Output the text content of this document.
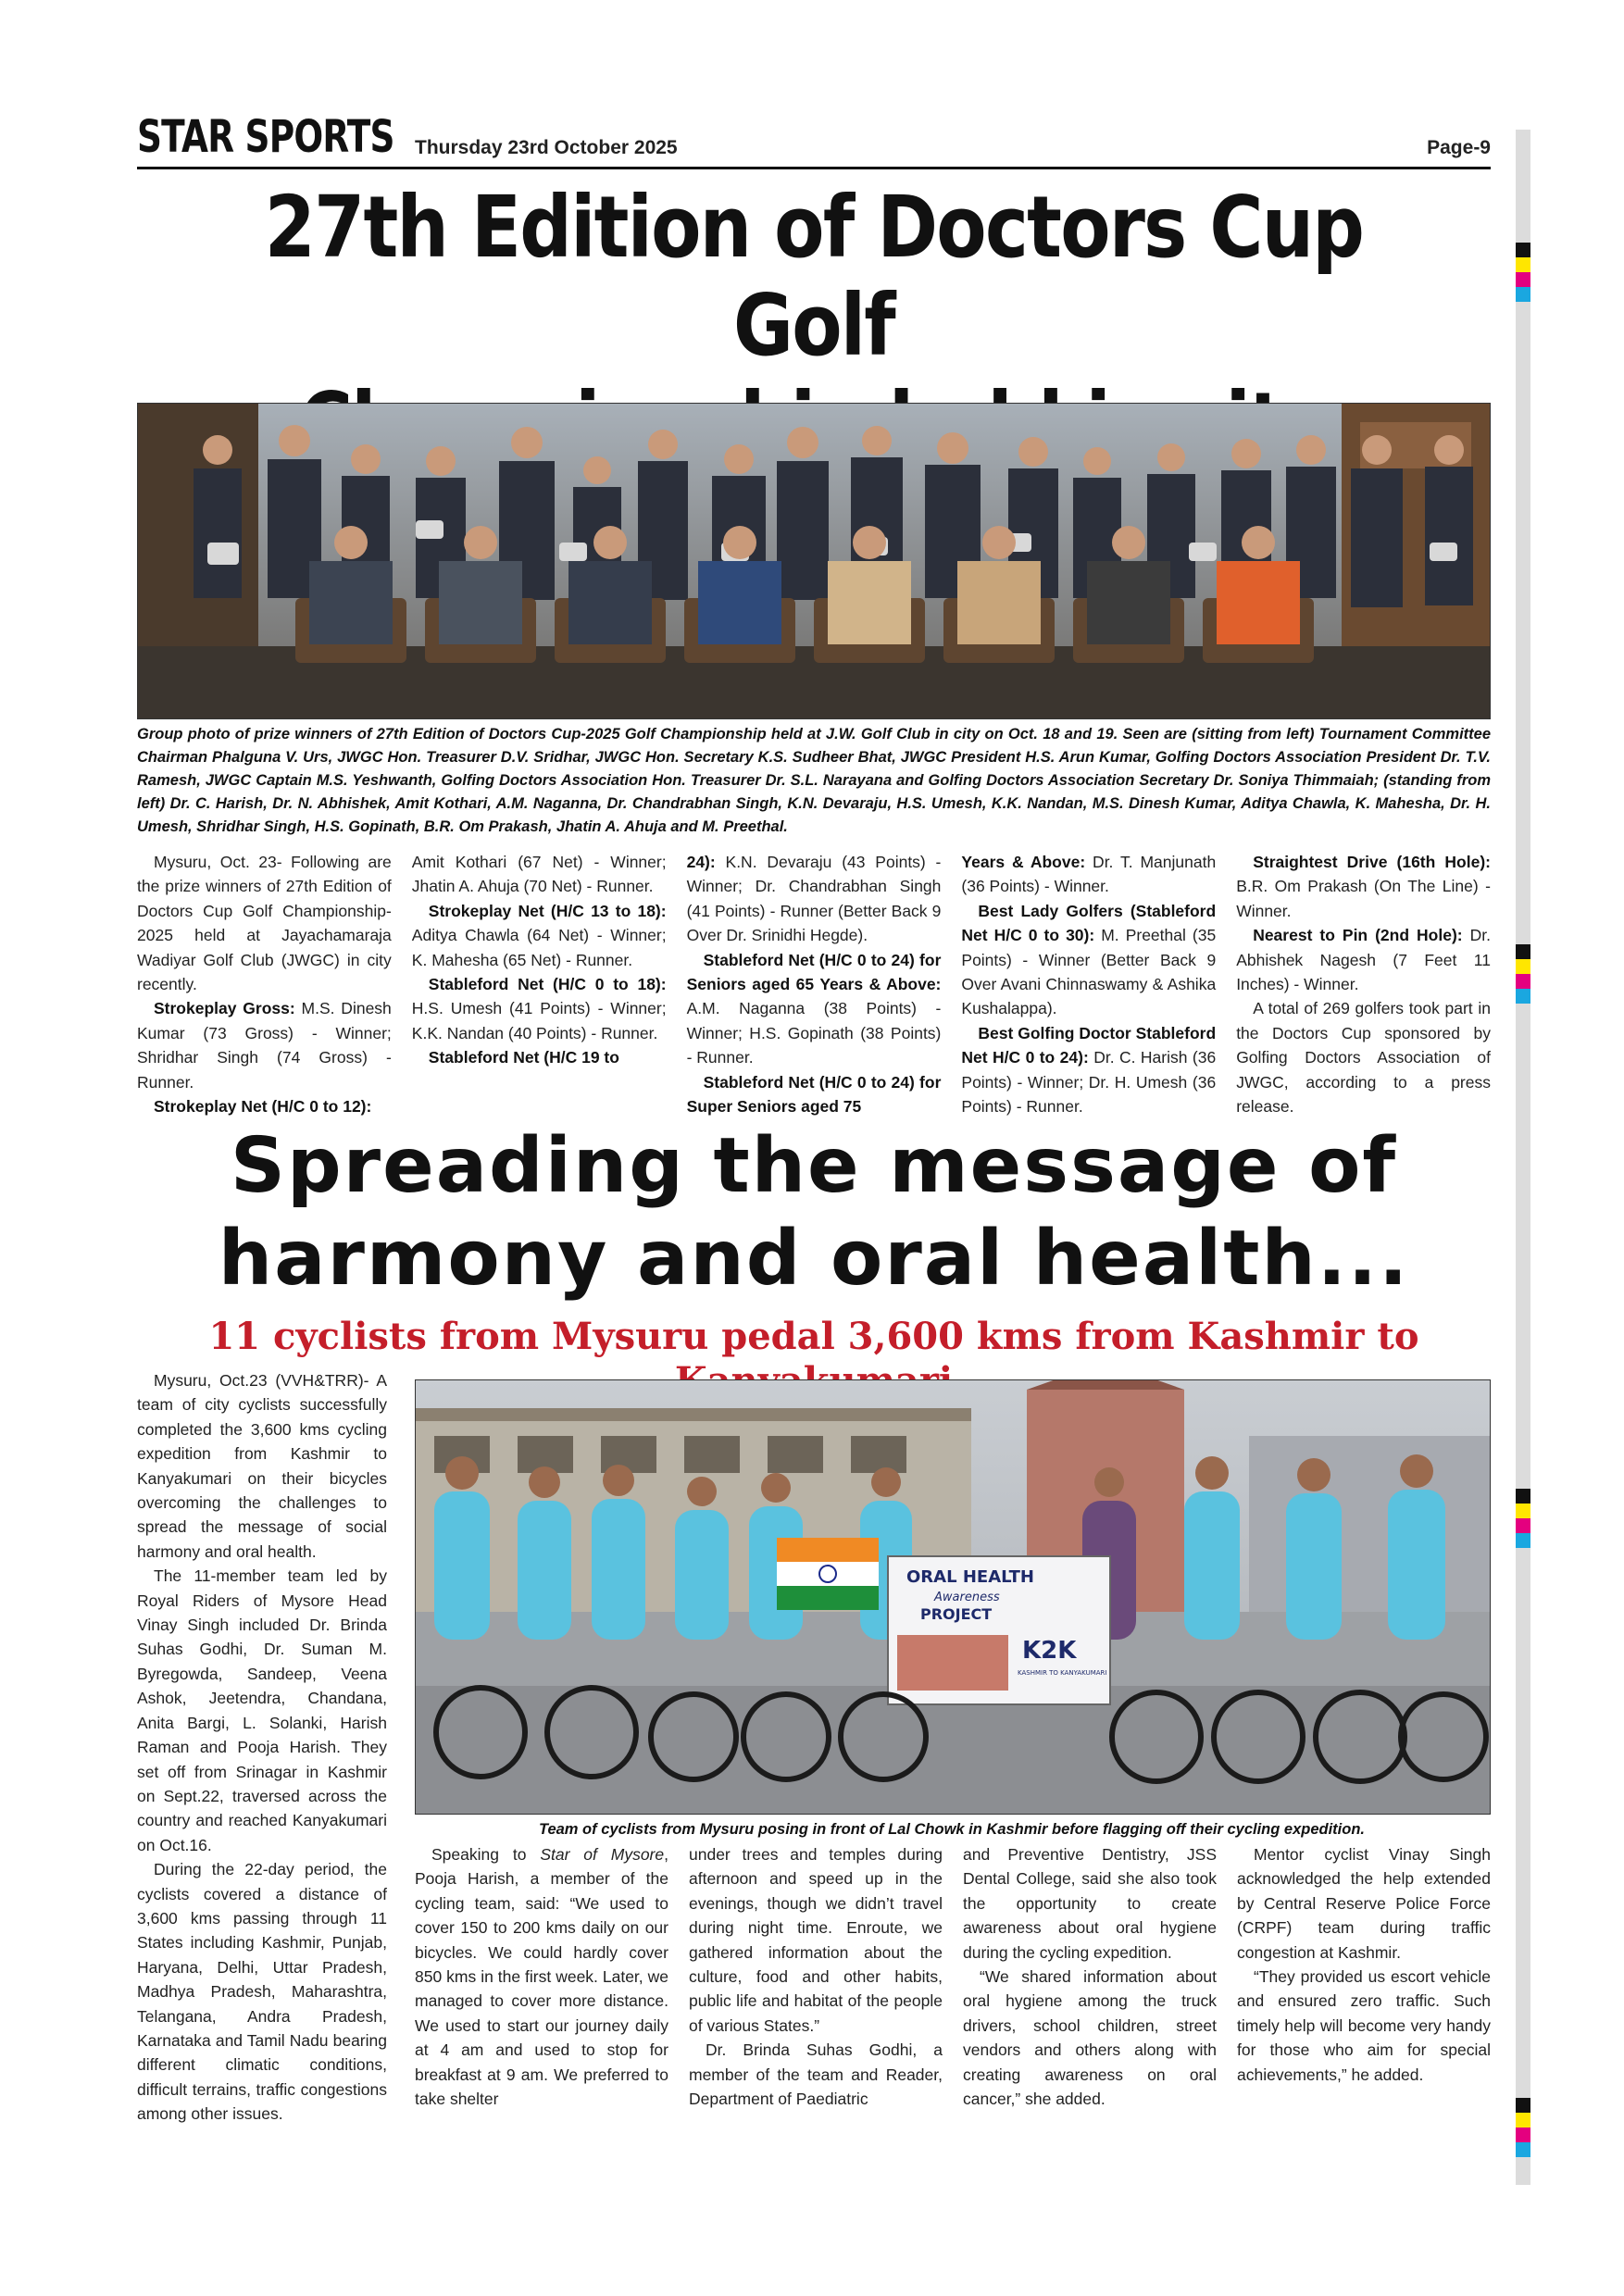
STAR SPORTS Thursday 23rd October 2025	Page-9
27th Edition of Doctors Cup Golf
Group photo of prize winners of 27th Edition of Doctors Cup-2025 Golf Championship held at J.W. Golf Club in city on Oct. 18 and 19. Seen are (sitting from left) Tournament Committee Chairman Phalguna V. Urs, JWGC Hon. Treasurer D.V. Sridhar, JWGC Hon. Secretary K.S. Sudheer Bhat, JWGC President H.S. Arun Kumar, Golfing Doctors Association President Dr. T.V. Ramesh, JWGC Captain M.S. Yeshwanth, Golfing Doctors Association Hon. Treasurer Dr. S.L. Narayana and Golfing Doctors Association Secretary Dr. Soniya Thimmaiah; (standing from left) Dr. C. Harish, Dr. N. Abhishek, Amit Kothari, A.M. Naganna, Dr. Chandrabhan Singh, K.N. Devaraju, H.S. Umesh, K.K. Nandan, M.S. Dinesh Kumar, Aditya Chawla, K. Mahesha, Dr. H. Umesh, Shridhar Singh, H.S. Gopinath, B.R. Om Prakash, Jhatin A. Ahuja and M. Preethal.

Mysuru, Oct. 23- Following are the prize winners of 27th Edition of Doctors Cup Golf Championship-2025 held at Jayachamaraja Wadiyar Golf Club (JWGC) in city recently.

Strokeplay Gross: M.S. Dinesh Kumar (73 Gross) - Winner; Shridhar Singh (74 Gross) - Runner.

Strokeplay Net (H/C 0 to 12):

Amit Kothari (67 Net) - Winner; Jhatin A. Ahuja (70 Net) - Runner.

Strokeplay Net (H/C 13 to 18): Aditya Chawla (64 Net) - Winner; K. Mahesha (65 Net) - Runner.

Stableford Net (H/C 0 to 18): H.S. Umesh (41 Points) - Winner; K.K. Nandan (40 Points) - Runner.

Stableford Net (H/C 19 to

24): K.N. Devaraju (43 Points) - Winner; Dr. Chandrabhan Singh (41 Points) - Runner (Better Back 9 Over Dr. Srinidhi Hegde).

Stableford Net (H/C 0 to 24) for Seniors aged 65 Years & Above: A.M. Naganna (38 Points) - Winner; H.S. Gopinath (38 Points) - Runner.

Stableford Net (H/C 0 to 24) for Super Seniors aged 75

Years & Above: Dr. T. Manjunath (36 Points) - Winner.

Best Lady Golfers (Stableford Net H/C 0 to 30): M. Preethal (35 Points) - Winner (Better Back 9 Over Avani Chinnaswamy & Ashika Kushalappa).

Best Golfing Doctor Stableford Net H/C 0 to 24): Dr. C. Harish (36 Points) - Winner; Dr. H. Umesh (36 Points) - Runner.

Straightest Drive (16th Hole): B.R. Om Prakash (On The Line) - Winner.

Nearest to Pin (2nd Hole): Dr. Abhishek Nagesh (7 Feet 11 Inches) - Winner.

A total of 269 golfers took part in the Doctors Cup sponsored by Golfing Doctors Association of JWGC, according to a press release.

Spreading the message of
harmony and oral health...
11 cyclists from Mysuru pedal 3,600 kms from Kashmir to

Mysuru, Oct.23 (VVH&TRR)- A team of city cyclists successfully completed the 3,600 kms cycling expedition from Kashmir to Kanyakumari on their bicycles overcoming the challenges to spread the message of social harmony and oral health.

The 11-member team led by Royal Riders of Mysore Head Vinay Singh included Dr. Brinda Suhas Godhi, Dr. Suman M. Byregowda, Sandeep, Veena Ashok, Jeetendra, Chandana, Anita Bargi, L. Solanki, Harish Raman and Pooja Harish. They set off from Srinagar in Kashmir on Sept.22, traversed across the country and reached Kanyakumari on Oct.16.

During the 22-day period, the cyclists covered a distance of 3,600 kms passing through 11 States including Kashmir, Punjab, Haryana, Delhi, Uttar Pradesh, Madhya Pradesh, Maharashtra, Telangana, Andra Pradesh, Karnataka and Tamil Nadu bearing different climatic conditions, difficult terrains, traffic congestions among other issues.

ORAL HEALTH
Awareness
PROJECT
K2K
KASHMIR TO KANYAKUMARI
Team of cyclists from Mysuru posing in front of Lal Chowk in Kashmir before flagging off their cycling expedition.

Speaking to Star of Mysore, Pooja Harish, a member of the cycling team, said: “We used to cover 150 to 200 kms daily on our bicycles. We could hardly cover 850 kms in the first week. Later, we managed to cover more distance. We used to start our journey daily at 4 am and used to stop for breakfast at 9 am. We preferred to take shelter

under trees and temples during afternoon and speed up in the evenings, though we didn’t travel during night time. Enroute, we gathered information about the culture, food and other habits, public life and habitat of the people of various States.”

Dr. Brinda Suhas Godhi, a member of the team and Reader, Department of Paediatric

and Preventive Dentistry, JSS Dental College, said she also took the opportunity to create awareness about oral hygiene during the cycling expedition.

“We shared information about oral hygiene among the truck drivers, school children, street vendors and others along with creating awareness on oral cancer,” she added.

Mentor cyclist Vinay Singh acknowledged the help extended by Central Reserve Police Force (CRPF) team during traffic congestion at Kashmir.

“They provided us escort vehicle and ensured zero traffic. Such timely help will become very handy for those who aim for special achievements,” he added.
